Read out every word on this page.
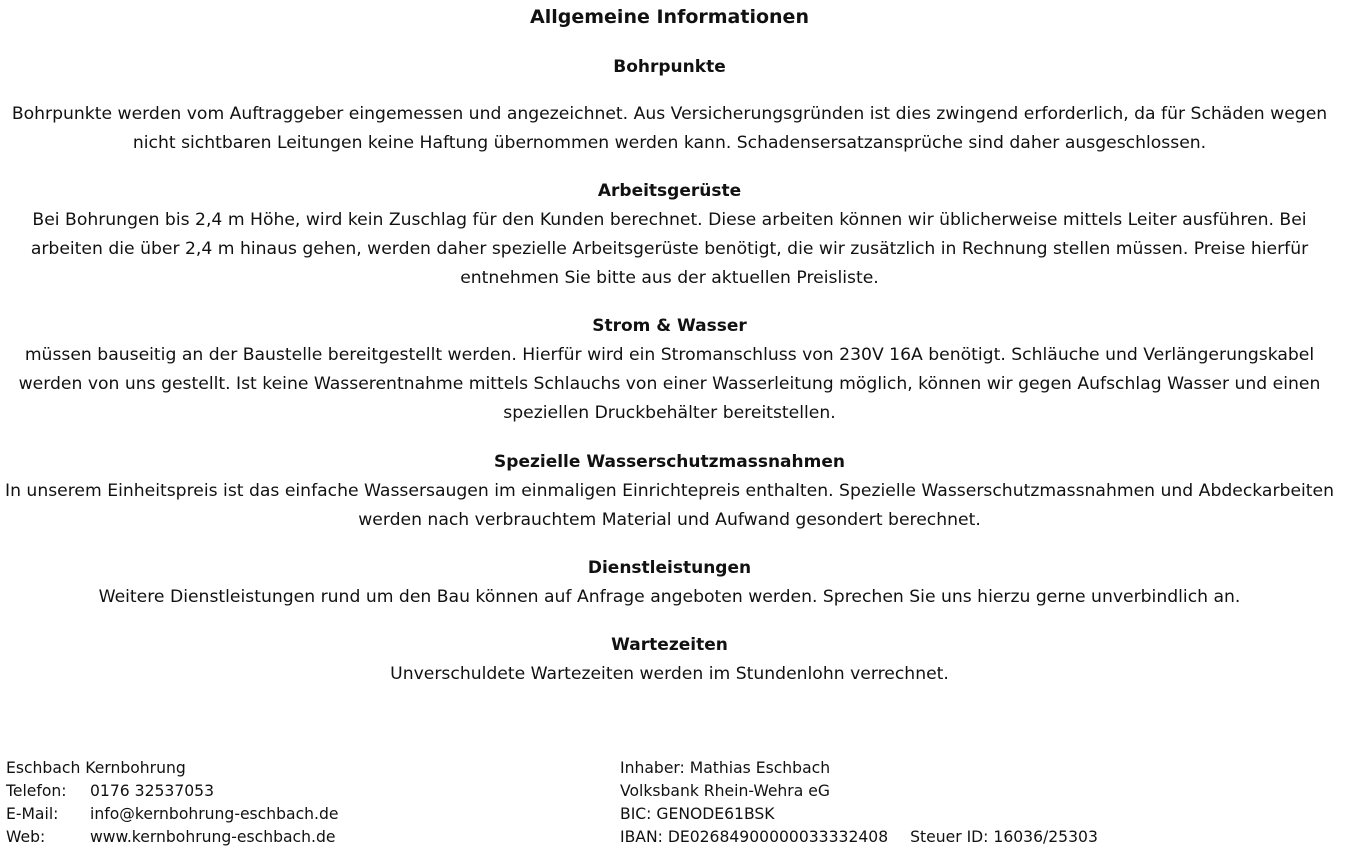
Allgemeine Informationen
Bohrpunkte

Bohrpunkte werden vom Auftraggeber eingemessen und angezeichnet. Aus Versicherungsgründen ist dies zwingend erforderlich, da für Schäden wegen nicht sichtbaren Leitungen keine Haftung übernommen werden kann. Schadensersatzansprüche sind daher ausgeschlossen.

Arbeitsgerüste

Bei Bohrungen bis 2,4 m Höhe, wird kein Zuschlag für den Kunden berechnet. Diese arbeiten können wir üblicherweise mittels Leiter ausführen. Bei arbeiten die über 2,4 m hinaus gehen, werden daher spezielle Arbeitsgerüste benötigt, die wir zusätzlich in Rechnung stellen müssen. Preise hierfür entnehmen Sie bitte aus der aktuellen Preisliste.

Strom & Wasser

müssen bauseitig an der Baustelle bereitgestellt werden. Hierfür wird ein Stromanschluss von 230V 16A benötigt. Schläuche und Verlängerungskabel werden von uns gestellt. Ist keine Wasserentnahme mittels Schlauchs von einer Wasserleitung möglich, können wir gegen Aufschlag Wasser und einen speziellen Druckbehälter bereitstellen.

Spezielle Wasserschutzmassnahmen

In unserem Einheitspreis ist das einfache Wassersaugen im einmaligen Einrichtepreis enthalten. Spezielle Wasserschutzmassnahmen und Abdeckarbeiten werden nach verbrauchtem Material und Aufwand gesondert berechnet.

Dienstleistungen

Weitere Dienstleistungen rund um den Bau können auf Anfrage angeboten werden. Sprechen Sie uns hierzu gerne unverbindlich an.

Wartezeiten

Unverschuldete Wartezeiten werden im Stundenlohn verrechnet.

Eschbach Kernbohrung
Telefon: 0176 32537053
E-Mail: info@kernbohrung-eschbach.de
Web:	www.kernbohrung-eschbach.de
Inhaber: Mathias Eschbach
Volksbank Rhein-Wehra eG
BIC: GENODE61BSK
IBAN: DE02684900000033332408 Steuer ID: 16036/25303
